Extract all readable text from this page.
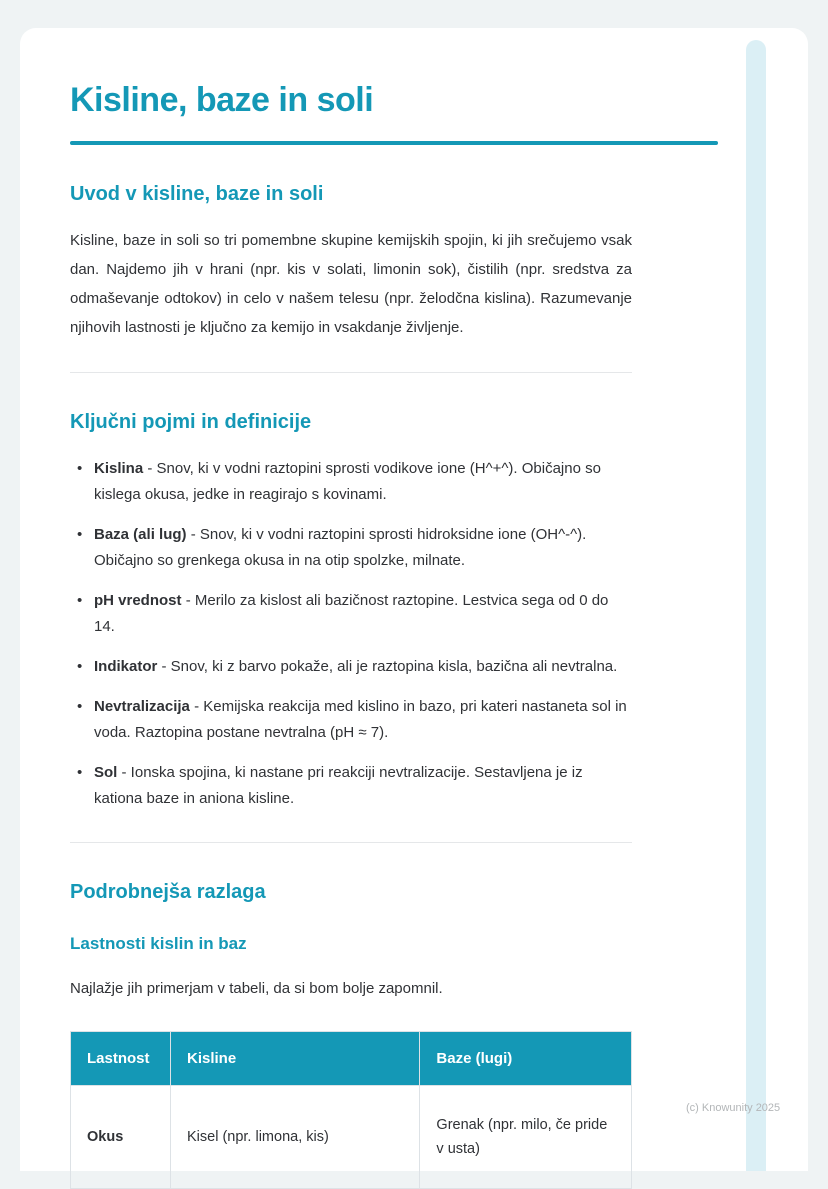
Kisline, baze in soli
Uvod v kisline, baze in soli

Kisline, baze in soli so tri pomembne skupine kemijskih spojin, ki jih srečujemo vsak dan. Najdemo jih v hrani (npr. kis v solati, limonin sok), čistilih (npr. sredstva za odmaševanje odtokov) in celo v našem telesu (npr. želodčna kislina). Razumevanje njihovih lastnosti je ključno za kemijo in vsakdanje življenje.

Ključni pojmi in definicije
• Kislina - Snov, ki v vodni raztopini sprosti vodikove ione (H^+^). Običajno so kislega okusa, jedke in reagirajo s kovinami.
• Baza (ali lug) - Snov, ki v vodni raztopini sprosti hidroksidne ione (OH^-^). Običajno so grenkega okusa in na otip spolzke, milnate.
• pH vrednost - Merilo za kislost ali bazičnost raztopine. Lestvica sega od 0 do 14.
• Indikator - Snov, ki z barvo pokaže, ali je raztopina kisla, bazična ali nevtralna.
• Nevtralizacija - Kemijska reakcija med kislino in bazo, pri kateri nastaneta sol in voda. Raztopina postane nevtralna (pH ≈ 7).
• Sol - Ionska spojina, ki nastane pri reakciji nevtralizacije. Sestavljena je iz kationa baze in aniona kisline.
Podrobnejša razlaga
Lastnosti kislin in baz

Najlažje jih primerjam v tabeli, da si bom bolje zapomnil.

Lastnost	Kisline	Baze (lugi)
Okus	Kisel (npr. limona, kis)	Grenak (npr. milo, če pride v usta)
(c) Knowunity 2025
